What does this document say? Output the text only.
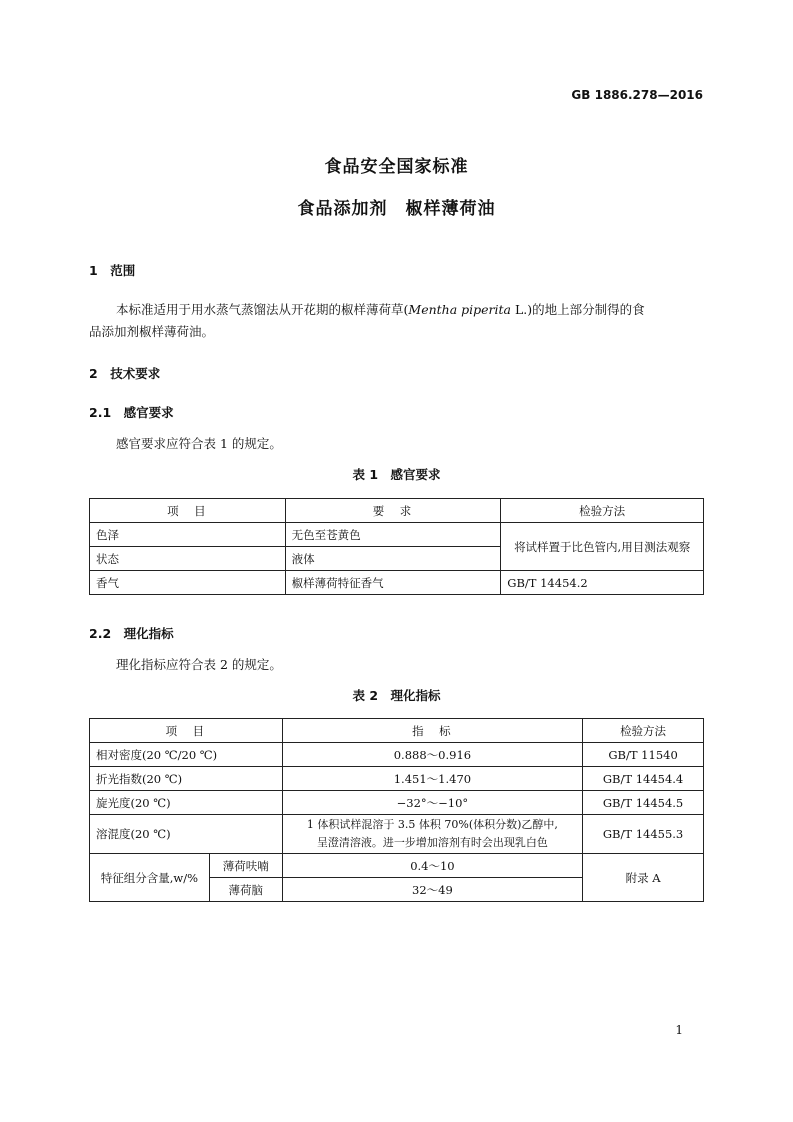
GB 1886.278—2016
食品安全国家标准
食品添加剂　椒样薄荷油
1　范围
本标准适用于用水蒸气蒸馏法从开花期的椒样薄荷草(Mentha piperita L.)的地上部分制得的食
品添加剂椒样薄荷油。
2　技术要求
2.1　感官要求
感官要求应符合表 1 的规定。
表 1　感官要求
项　目	要　求	检验方法
色泽	无色至苍黄色	将试样置于比色管内,用目测法观察
状态	液体	
香气	椒样薄荷特征香气	GB/T 14454.2
2.2　理化指标
理化指标应符合表 2 的规定。
表 2　理化指标
项　目		指　标	检验方法
相对密度(20 ℃/20 ℃)		0.888～0.916	GB/T 11540
折光指数(20 ℃)		1.451～1.470	GB/T 14454.4
旋光度(20 ℃)		−32°～−10°	GB/T 14454.5
溶混度(20 ℃)		1 体积试样混溶于 3.5 体积 70%(体积分数)乙醇中,
呈澄清溶液。进一步增加溶剂有时会出现乳白色	GB/T 14455.3
特征组分含量,w/%	薄荷呋喃	0.4～10	附录 A
	薄荷脑	32～49	
1
